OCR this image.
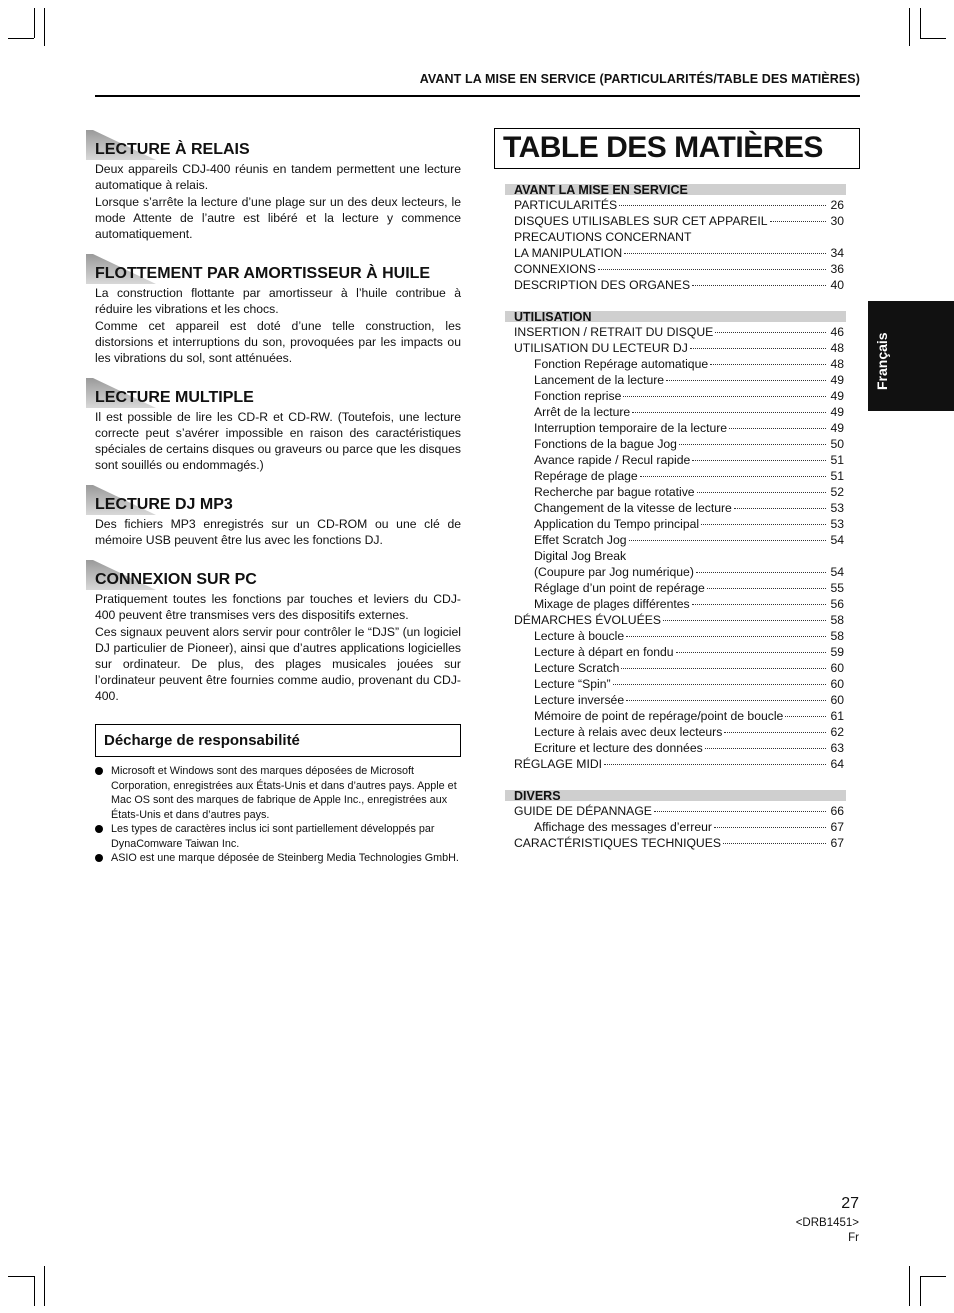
AVANT LA MISE EN SERVICE (PARTICULARITÉS/TABLE DES MATIÈRES)
LECTURE À RELAIS

Deux appareils CDJ-400 réunis en tandem permettent une lecture automatique à relais.

Lorsque s’arrête la lecture d’une plage sur un des deux lecteurs, le mode Attente de l’autre est libéré et la lecture y commence automatiquement.

FLOTTEMENT PAR AMORTISSEUR À HUILE

La construction flottante par amortisseur à l’huile contribue à réduire les vibrations et les chocs.

Comme cet appareil est doté d’une telle construction, les distorsions et interruptions du son, provoquées par les impacts ou les vibrations du sol, sont atténuées.

LECTURE MULTIPLE

Il est possible de lire les CD-R et CD-RW. (Toutefois, une lecture correcte peut s’avérer impossible en raison des caractéristiques spéciales de certains disques ou graveurs ou parce que les disques sont souillés ou endommagés.)

LECTURE DJ MP3

Des fichiers MP3 enregistrés sur un CD-ROM ou une clé de mémoire USB peuvent être lus avec les fonctions DJ.

CONNEXION SUR PC

Pratiquement toutes les fonctions par touches et leviers du CDJ-400 peuvent être transmises vers des dispositifs externes.

Ces signaux peuvent alors servir pour contrôler le “DJS” (un logiciel DJ particulier de Pioneer), ainsi que d’autres applications logicielles sur ordinateur. De plus, des plages musicales jouées sur l’ordinateur peuvent être fournies comme audio, provenant du CDJ-400.

Décharge de responsabilité
Microsoft et Windows sont des marques déposées de Microsoft Corporation, enregistrées aux États-Unis et dans d’autres pays. Apple et Mac OS sont des marques de fabrique de Apple Inc., enregistrées aux États-Unis et dans d’autres pays.
Les types de caractères inclus ici sont partiellement développés par DynaComware Taiwan Inc.
ASIO est une marque déposée de Steinberg Media Technologies GmbH.
TABLE DES MATIÈRES
AVANT LA MISE EN SERVICE
PARTICULARITÉS	26
DISQUES UTILISABLES SUR CET APPAREIL	30
PRECAUTIONS CONCERNANT
LA MANIPULATION	34
CONNEXIONS	36
DESCRIPTION DES ORGANES	40
UTILISATION
INSERTION / RETRAIT DU DISQUE	46
UTILISATION DU LECTEUR DJ	48
Fonction Repérage automatique	48
Lancement de la lecture	49
Fonction reprise	49
Arrêt de la lecture	49
Interruption temporaire de la lecture	49
Fonctions de la bague Jog	50
Avance rapide / Recul rapide	51
Repérage de plage	51
Recherche par bague rotative	52
Changement de la vitesse de lecture	53
Application du Tempo principal	53
Effet Scratch Jog	54
Digital Jog Break
(Coupure par Jog numérique)	54
Réglage d’un point de repérage	55
Mixage de plages différentes	56
DÉMARCHES ÉVOLUÉES	58
Lecture à boucle	58
Lecture à départ en fondu	59
Lecture Scratch	60
Lecture “Spin”	60
Lecture inversée	60
Mémoire de point de repérage/point de boucle	61
Lecture à relais avec deux lecteurs	62
Ecriture et lecture des données	63
RÉGLAGE MIDI	64
DIVERS
GUIDE DE DÉPANNAGE	66
Affichage des messages d’erreur	67
CARACTÉRISTIQUES TECHNIQUES	67
Français
27
<DRB1451>
Fr
